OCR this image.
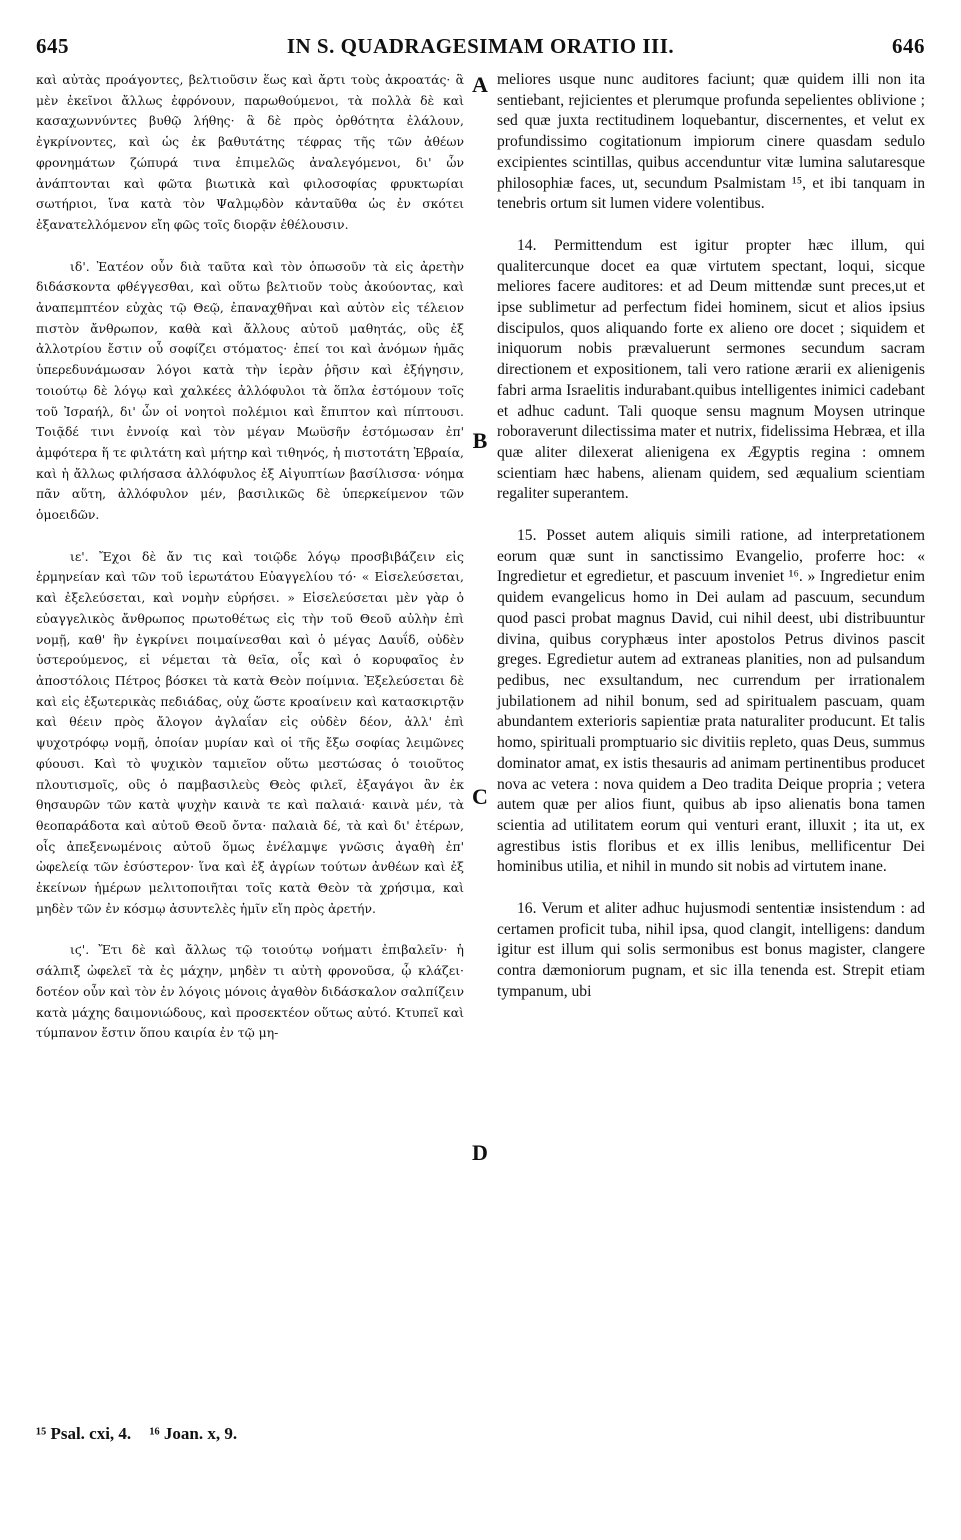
645	IN S. QUADRAGESIMAM ORATIO III.	646

καὶ αὐτὰς προάγοντες, βελτιοῦσιν ἕως καὶ ἄρτι τοὺς ἀκροατάς· ἃ μὲν ἐκεῖνοι ἄλλως ἐφρόνουν, παρωθούμενοι, τὰ πολλὰ δὲ καὶ κασαχωννύντες βυθῷ λήθης· ἃ δὲ πρὸς ὀρθότητα ἐλάλουν, ἐγκρίνοντες, καὶ ὡς ἐκ βαθυτάτης τέφρας τῆς τῶν ἀθέων φρονημάτων ζώπυρά τινα ἐπιμελῶς ἀναλεγόμενοι, δι' ὧν ἀνάπτονται καὶ φῶτα βιωτικὰ καὶ φιλοσοφίας φρυκτωρίαι σωτήριοι, ἵνα κατὰ τὸν Ψαλμῳδὸν κἀνταῦθα ὡς ἐν σκότει ἐξανατελλόμενον εἴη φῶς τοῖς διορᾷν ἐθέλουσιν.

ιδ'. Ἐατέον οὖν διὰ ταῦτα καὶ τὸν ὁπωσοῦν τὰ εἰς ἀρετὴν διδάσκοντα φθέγγεσθαι, καὶ οὕτω βελτιοῦν τοὺς ἀκούοντας, καὶ ἀναπεμπτέον εὐχὰς τῷ Θεῷ, ἐπαναχθῆναι καὶ αὐτὸν εἰς τέλειον πιστὸν ἄνθρωπον, καθὰ καὶ ἄλλους αὐτοῦ μαθητάς, οὓς ἐξ ἀλλοτρίου ἔστιν οὗ σοφίζει στόματος· ἐπεί τοι καὶ ἀνόμων ἡμᾶς ὑπερεδυνάμωσαν λόγοι κατὰ τὴν ἱερὰν ῥῆσιν καὶ ἐξήγησιν, τοιούτῳ δὲ λόγῳ καὶ χαλκέες ἀλλόφυλοι τὰ ὅπλα ἐστόμουν τοῖς τοῦ Ἰσραήλ, δι' ὧν οἱ νοητοὶ πολέμιοι καὶ ἔπιπτον καὶ πίπτουσι. Τοιᾷδέ τινι ἐννοίᾳ καὶ τὸν μέγαν Μωϋσῆν ἐστόμωσαν ἐπ' ἀμφότερα ἥ τε φιλτάτη καὶ μήτηρ καὶ τιθηνός, ἡ πιστοτάτη Ἑβραία, καὶ ἡ ἄλλως φιλήσασα ἀλλόφυλος ἐξ Αἰγυπτίων βασίλισσα· νόημα πᾶν αὕτη, ἀλλόφυλον μέν, βασιλικῶς δὲ ὑπερκείμενον τῶν ὁμοειδῶν.

ιε'. Ἔχοι δὲ ἄν τις καὶ τοιῷδε λόγῳ προσβιβάζειν εἰς ἑρμηνείαν καὶ τῶν τοῦ ἱερωτάτου Εὐαγγελίου τό· « Εἰσελεύσεται, καὶ ἐξελεύσεται, καὶ νομὴν εὑρήσει. » Εἰσελεύσεται μὲν γὰρ ὁ εὐαγγελικὸς ἄνθρωπος πρωτοθέτως εἰς τὴν τοῦ Θεοῦ αὐλὴν ἐπὶ νομῇ, καθ' ἣν ἐγκρίνει ποιμαίνεσθαι καὶ ὁ μέγας Δαυΐδ, οὐδὲν ὑστερούμενος, εἰ νέμεται τὰ θεῖα, οἷς καὶ ὁ κορυφαῖος ἐν ἀποστόλοις Πέτρος βόσκει τὰ κατὰ Θεὸν ποίμνια. Ἐξελεύσεται δὲ καὶ εἰς ἐξωτερικὰς πεδιάδας, οὐχ ὥστε κροαίνειν καὶ κατασκιρτᾷν καὶ θέειν πρὸς ἄλογον ἀγλαΐαν εἰς οὐδὲν δέον, ἀλλ' ἐπὶ ψυχοτρόφῳ νομῇ, ὁποίαν μυρίαν καὶ οἱ τῆς ἔξω σοφίας λειμῶνες φύουσι. Καὶ τὸ ψυχικὸν ταμιεῖον οὕτω μεστώσας ὁ τοιοῦτος πλουτισμοῖς, οὓς ὁ παμβασιλεὺς Θεὸς φιλεῖ, ἐξαγάγοι ἂν ἐκ θησαυρῶν τῶν κατὰ ψυχὴν καινὰ τε καὶ παλαιά· καινὰ μέν, τὰ θεοπαράδοτα καὶ αὐτοῦ Θεοῦ ὄντα· παλαιὰ δέ, τὰ καὶ δι' ἑτέρων, οἷς ἀπεξενωμένοις αὐτοῦ ὅμως ἐνέλαμψε γνῶσις ἀγαθὴ ἐπ' ὠφελείᾳ τῶν ἐσύστερον· ἵνα καὶ ἐξ ἀγρίων τούτων ἀνθέων καὶ ἐξ ἐκείνων ἡμέρων μελιτοποιῆται τοῖς κατὰ Θεὸν τὰ χρήσιμα, καὶ μηδὲν τῶν ἐν κόσμῳ ἀσυντελὲς ἡμῖν εἴη πρὸς ἀρετήν.

ιϛ'. Ἔτι δὲ καὶ ἄλλως τῷ τοιούτῳ νοήματι ἐπιβαλεῖν· ἡ σάλπιξ ὠφελεῖ τὰ ἐς μάχην, μηδὲν τι αὐτὴ φρονοῦσα, ᾧ κλάζει· δοτέον οὖν καὶ τὸν ἐν λόγοις μόνοις ἀγαθὸν διδάσκαλον σαλπίζειν κατὰ μάχης δαιμονιώδους, καὶ προσεκτέον οὕτως αὐτό. Κτυπεῖ καὶ τύμπανον ἔστιν ὅπου καιρία ἐν τῷ μη-

meliores usque nunc auditores faciunt; quæ quidem illi non ita sentiebant, rejicientes et plerumque profunda sepelientes oblivione ; sed quæ juxta rectitudinem loquebantur, discernentes, et velut ex profundissimo cogitationum impiorum cinere quasdam sedulo excipientes scintillas, quibus accenduntur vitæ lumina salutaresque philosophiæ faces, ut, secundum Psalmistam ¹⁵, et ibi tanquam in tenebris ortum sit lumen videre volentibus.

14. Permittendum est igitur propter hæc illum, qui qualitercunque docet ea quæ virtutem spectant, loqui, sicque meliores facere auditores: et ad Deum mittendæ sunt preces,ut et ipse sublimetur ad perfectum fidei hominem, sicut et alios ipsius discipulos, quos aliquando forte ex alieno ore docet ; siquidem et iniquorum nobis prævaluerunt sermones secundum sacram directionem et expositionem, tali vero ratione ærarii ex alienigenis fabri arma Israelitis indurabant.quibus intelligentes inimici cadebant et adhuc cadunt. Tali quoque sensu magnum Moysen utrinque roboraverunt dilectissima mater et nutrix, fidelissima Hebræa, et illa quæ aliter dilexerat alienigena ex Ægyptis regina : omnem scientiam hæc habens, alienam quidem, sed æqualium scientiam regaliter superantem.

15. Posset autem aliquis simili ratione, ad interpretationem eorum quæ sunt in sanctissimo Evangelio, proferre hoc: « Ingredietur et egredietur, et pascuum inveniet ¹⁶. » Ingredietur enim quidem evangelicus homo in Dei aulam ad pascuum, secundum quod pasci probat magnus David, cui nihil deest, ubi distribuuntur divina, quibus coryphæus inter apostolos Petrus divinos pascit greges. Egredietur autem ad extraneas planities, non ad pulsandum pedibus, nec exsultandum, nec currendum per irrationalem jubilationem ad nihil bonum, sed ad spiritualem pascuam, quam abundantem exterioris sapientiæ prata naturaliter producunt. Et talis homo, spirituali promptuario sic divitiis repleto, quas Deus, summus dominator amat, ex istis thesauris ad animam pertinentibus producet nova ac vetera : nova quidem a Deo tradita Deique propria ; vetera autem quæ per alios fiunt, quibus ab ipso alienatis bona tamen scientia ad utilitatem eorum qui venturi erant, illuxit ; ita ut, ex agrestibus istis floribus et ex illis lenibus, mellificentur Dei hominibus utilia, et nihil in mundo sit nobis ad virtutem inane.

16. Verum et aliter adhuc hujusmodi sententiæ insistendum : ad certamen proficit tuba, nihil ipsa, quod clangit, intelligens: dandum igitur est illum qui solis sermonibus est bonus magister, clangere contra dæmoniorum pugnam, et sic illa tenenda est. Strepit etiam tympanum, ubi

A
B
C
D
¹⁵ Psal. cxi, 4. ¹⁶ Joan. x, 9.
